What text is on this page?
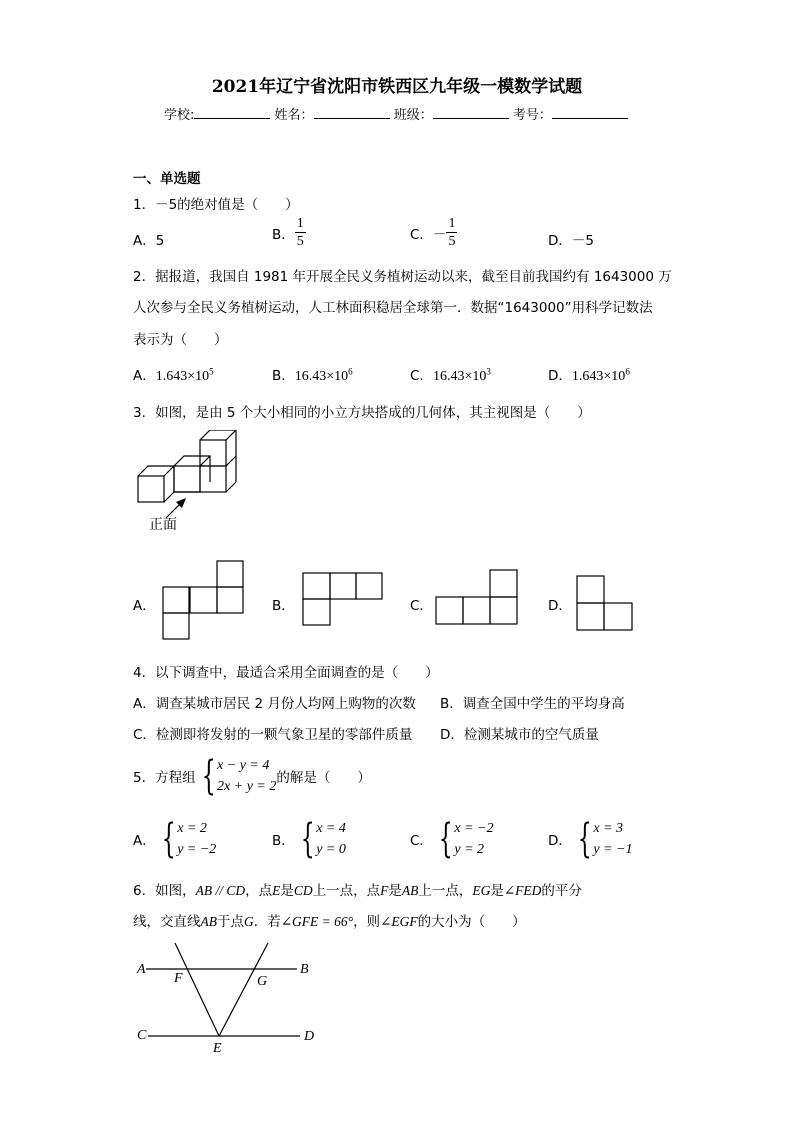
2021年辽宁省沈阳市铁西区九年级一模数学试题
学校:	姓名：	班级：	考号：
一、单选题
1．－5的绝对值是（　　）
A．5	B． $\frac{1}{5}$	C．－ $\frac{1}{5}$	D．－5
2．据报道，我国自 1981 年开展全民义务植树运动以来，截至目前我国约有 1643000 万
人次参与全民义务植树运动，人工林面积稳居全球第一．数据“1643000”用科学记数法
表示为（　　）
A．$1.643\times 10^5$	B．$16.43\times 10^6$	C．$16.43\times 10^3$	D．$1.643\times 10^6$
3．如图，是由 5 个大小相同的小立方块搭成的几何体，其主视图是（　　）
正面
A．	B．	C．	D．
4．以下调查中，最适合采用全面调查的是（　　）
A．调查某城市居民 2 月份人均网上购物的次数 B．调查全国中学生的平均身高
C．检测即将发射的一颗气象卫星的零部件质量 D．检测某城市的空气质量
5．方程组 { x − y = 4
2x + y = 2
的解是（　　）
A． { x = 2
y = −2
B． { x = 4
y = 0
C． { x = −2
y = 2
D． { x = 3
y = −1
6．如图，AB // CD，点E是CD上一点，点F是AB上一点，EG是∠FED的平分
线，交直线AB于点G．若∠GFE = 66°，则∠EGF的大小为（　　）
A	B
C	D
E
F	G
